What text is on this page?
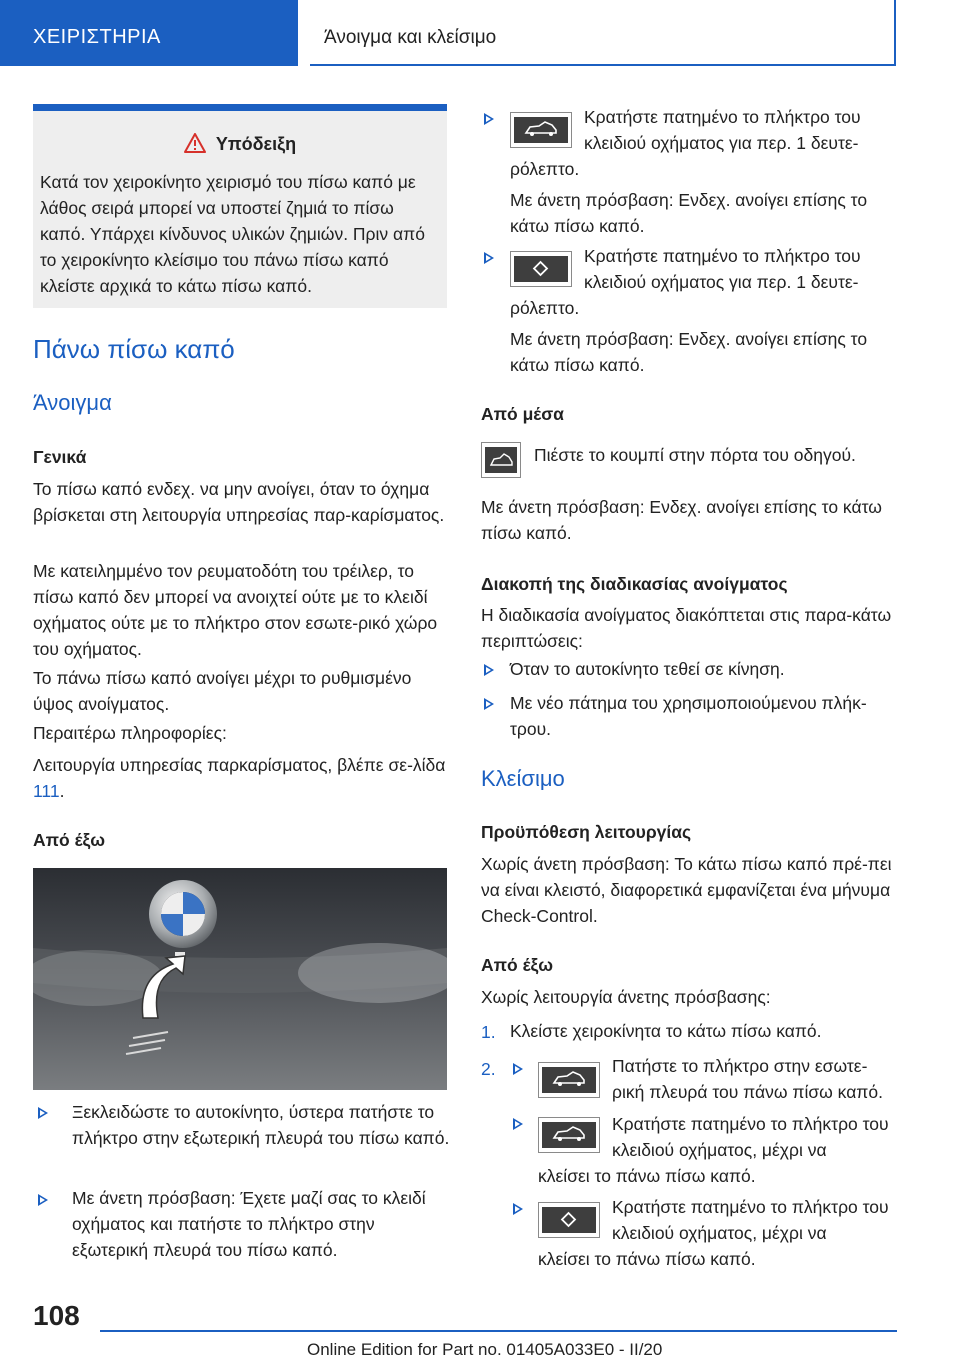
ΧΕΙΡΙΣΤΗΡΙΑ	Άνοιγμα και κλείσιμο
Υπόδειξη
Κατά τον χειροκίνητο χειρισμό του πίσω καπό με λάθος σειρά μπορεί να υποστεί ζημιά το πίσω καπό. Υπάρχει κίνδυνος υλικών ζημιών. Πριν από το χειροκίνητο κλείσιμο του πάνω πίσω καπό κλείστε αρχικά το κάτω πίσω καπό.
Πάνω πίσω καπό
Άνοιγμα
Γενικά
Το πίσω καπό ενδεχ. να μην ανοίγει, όταν το όχημα βρίσκεται στη λειτουργία υπηρεσίας παρ-καρίσματος.
Με κατειλημμένο τον ρευματοδότη του τρέιλερ, το πίσω καπό δεν μπορεί να ανοιχτεί ούτε με το κλειδί οχήματος ούτε με το πλήκτρο στον εσωτε-ρικό χώρο του οχήματος.
Το πάνω πίσω καπό ανοίγει μέχρι το ρυθμισμένο ύψος ανοίγματος.
Περαιτέρω πληροφορίες:
Λειτουργία υπηρεσίας παρκαρίσματος, βλέπε σε-λίδα 111.
Από έξω
Ξεκλειδώστε το αυτοκίνητο, ύστερα πατήστε το πλήκτρο στην εξωτερική πλευρά του πίσω καπό.
Με άνετη πρόσβαση: Έχετε μαζί σας το κλειδί οχήματος και πατήστε το πλήκτρο στην εξωτερική πλευρά του πίσω καπό.
Κρατήστε πατημένο το πλήκτρο του κλειδιού οχήματος για περ. 1 δευτε-
ρόλεπτο.
Με άνετη πρόσβαση: Ενδεχ. ανοίγει επίσης το κάτω πίσω καπό.
Κρατήστε πατημένο το πλήκτρο του κλειδιού οχήματος για περ. 1 δευτε-
ρόλεπτο.
Με άνετη πρόσβαση: Ενδεχ. ανοίγει επίσης το κάτω πίσω καπό.
Από μέσα
Πιέστε το κουμπί στην πόρτα του οδηγού.
Με άνετη πρόσβαση: Ενδεχ. ανοίγει επίσης το κάτω πίσω καπό.
Διακοπή της διαδικασίας ανοίγματος
Η διαδικασία ανοίγματος διακόπτεται στις παρα-κάτω περιπτώσεις:
Όταν το αυτοκίνητο τεθεί σε κίνηση.
Με νέο πάτημα του χρησιμοποιούμενου πλήκ-τρου.
Κλείσιμο
Προϋπόθεση λειτουργίας
Χωρίς άνετη πρόσβαση: Το κάτω πίσω καπό πρέ-πει να είναι κλειστό, διαφορετικά εμφανίζεται ένα μήνυμα Check-Control.
Από έξω
Χωρίς λειτουργία άνετης πρόσβασης:
1. Κλείστε χειροκίνητα το κάτω πίσω καπό.
2.	Πατήστε το πλήκτρο στην εσωτε-ρική πλευρά του πάνω πίσω καπό.
Κρατήστε πατημένο το πλήκτρο του κλειδιού οχήματος, μέχρι να
κλείσει το πάνω πίσω καπό.
Κρατήστε πατημένο το πλήκτρο του κλειδιού οχήματος, μέχρι να
κλείσει το πάνω πίσω καπό.
108
Online Edition for Part no. 01405A033E0 - II/20
